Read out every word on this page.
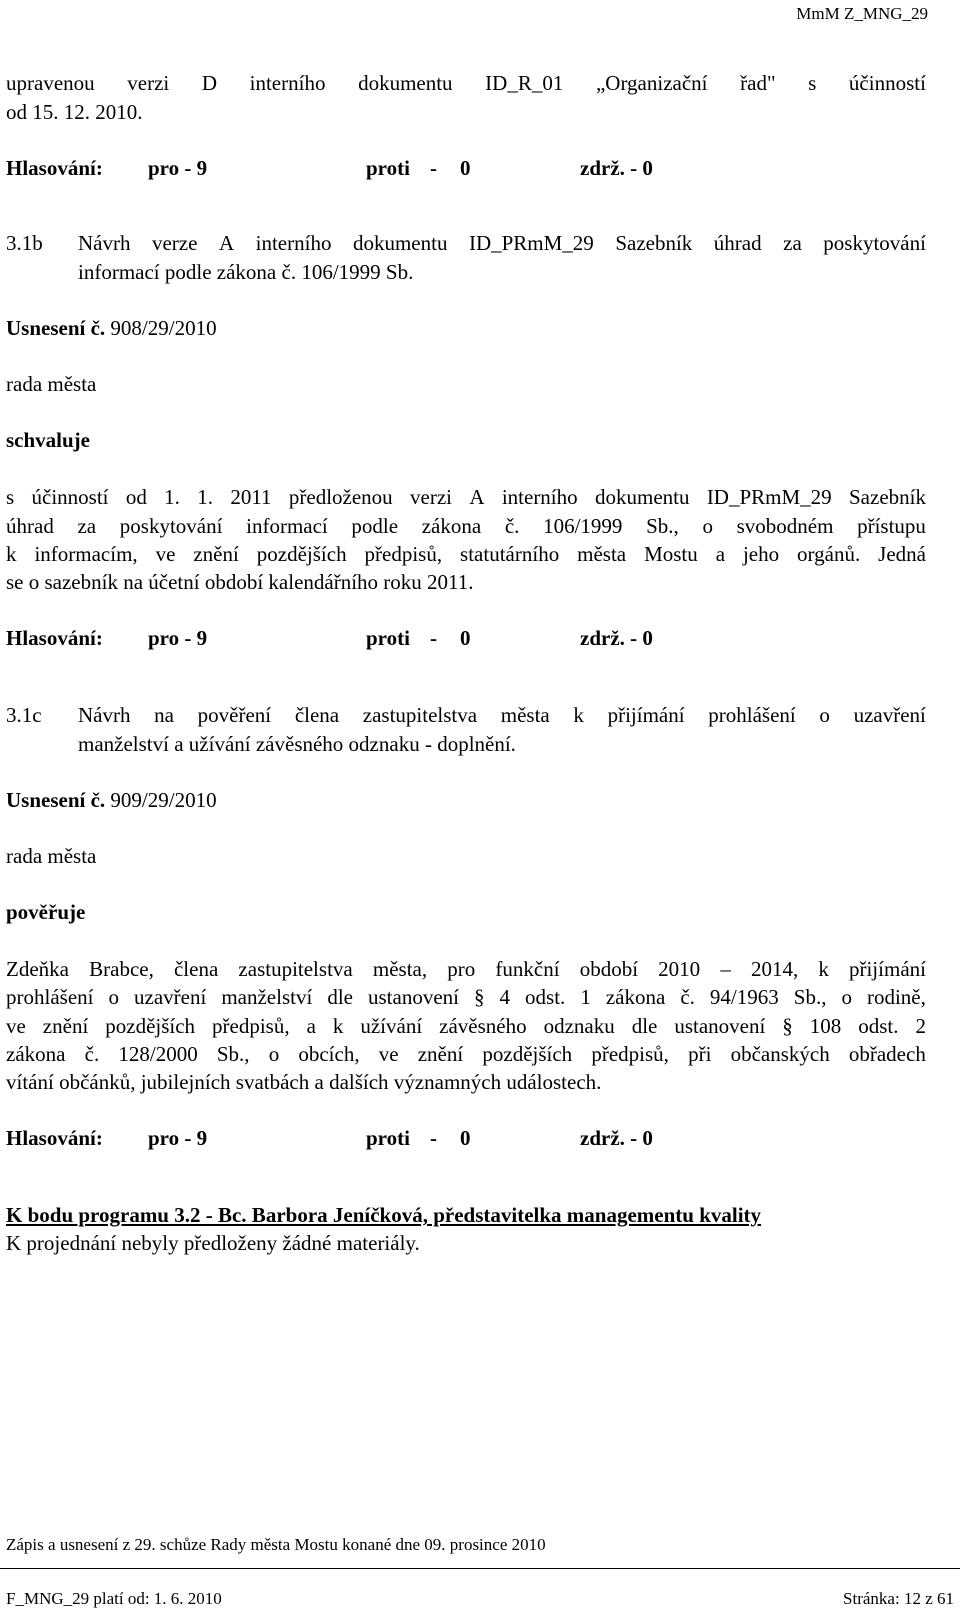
MmM Z_MNG_29
upravenou verzi D interního dokumentu ID_R_01 „Organizační řad" s účinností
od 15. 12. 2010.
Hlasování:	pro - 9	proti -	0	zdrž. - 0
3.1b Návrh verze A interního dokumentu ID_PRmM_29 Sazebník úhrad za poskytování
informací podle zákona č. 106/1999 Sb.
Usnesení č. 908/29/2010
rada města
schvaluje
s účinností od 1. 1. 2011 předloženou verzi A interního dokumentu ID_PRmM_29 Sazebník
úhrad za poskytování informací podle zákona č. 106/1999 Sb., o svobodném přístupu
k informacím, ve znění pozdějších předpisů, statutárního města Mostu a jeho orgánů. Jedná
se o sazebník na účetní období kalendářního roku 2011.
Hlasování:	pro - 9	proti -	0	zdrž. - 0
3.1c Návrh na pověření člena zastupitelstva města k přijímání prohlášení o uzavření
manželství a užívání závěsného odznaku - doplnění.
Usnesení č. 909/29/2010
rada města
pověřuje
Zdeňka Brabce, člena zastupitelstva města, pro funkční období 2010 – 2014, k přijímání
prohlášení o uzavření manželství dle ustanovení § 4 odst. 1 zákona č. 94/1963 Sb., o rodině,
ve znění pozdějších předpisů, a k užívání závěsného odznaku dle ustanovení § 108 odst. 2
zákona č. 128/2000 Sb., o obcích, ve znění pozdějších předpisů, při občanských obřadech
vítání občánků, jubilejních svatbách a dalších významných událostech.
Hlasování:	pro - 9	proti -	0	zdrž. - 0
K bodu programu 3.2 - Bc. Barbora Jeníčková, představitelka managementu kvality
K projednání nebyly předloženy žádné materiály.
Zápis a usnesení z 29. schůze Rady města Mostu konané dne 09. prosince 2010
F_MNG_29 platí od: 1. 6. 2010	Stránka: 12 z 61
